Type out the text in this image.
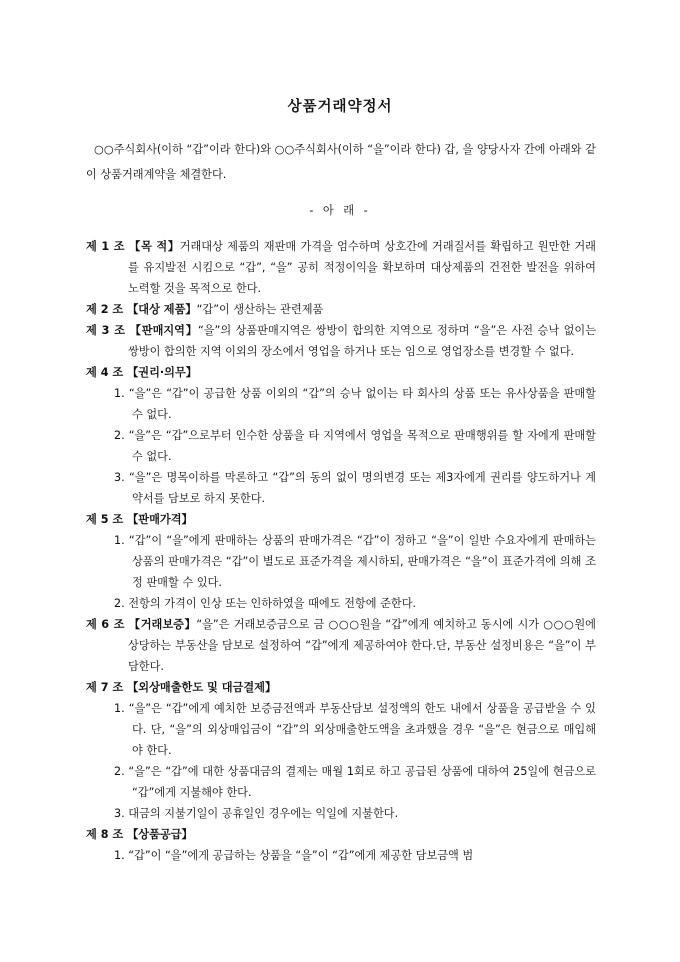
상품거래약정서
○○주식회사(이하 “갑”이라 한다)와 ○○주식회사(이하 “을”이라 한다) 갑, 을 양당사자 간에 아래와 같이 상품거래계약을 체결한다.
- 아 래 -
제 1 조 【목 적】거래대상 제품의 재판매 가격을 엄수하며 상호간에 거래질서를 확립하고 원만한 거래를 유지발전 시킴으로 “갑”, “을” 공히 적정이익을 확보하며 대상제품의 건전한 발전을 위하여 노력할 것을 목적으로 한다.
제 2 조 【대상 제품】“갑”이 생산하는 관련제품
제 3 조 【판매지역】“을”의 상품판매지역은 쌍방이 합의한 지역으로 정하며 “을”은 사전 승낙 없이는 쌍방이 합의한 지역 이외의 장소에서 영업을 하거나 또는 임으로 영업장소를 변경할 수 없다.
제 4 조 【권리·의무】
1. “을”은 “갑”이 공급한 상품 이외의 “갑”의 승낙 없이는 타 회사의 상품 또는 유사상품을 판매할 수 없다.
2. “을”은 “갑”으로부터 인수한 상품을 타 지역에서 영업을 목적으로 판매행위를 할 자에게 판매할 수 없다.
3. “을”은 명목이하를 막론하고 “갑”의 동의 없이 명의변경 또는 제3자에게 권리를 양도하거나 계약서를 담보로 하지 못한다.
제 5 조 【판매가격】
1. “갑”이 “을”에게 판매하는 상품의 판매가격은 “갑”이 정하고 “을”이 일반 수요자에게 판매하는 상품의 판매가격은 “갑”이 별도로 표준가격을 제시하되, 판매가격은 “을”이 표준가격에 의해 조정 판매할 수 있다.
2. 전항의 가격이 인상 또는 인하하였을 때에도 전항에 준한다.
제 6 조 【거래보증】“을”은 거래보증금으로 금 ○○○원을 “갑”에게 예치하고 동시에 시가 ○○○원에 상당하는 부동산을 담보로 설정하여 “갑”에게 제공하여야 한다.단, 부동산 설정비용은 “을”이 부담한다.
제 7 조 【외상매출한도 및 대금결제】
1. “을”은 “갑”에게 예치한 보증금전액과 부동산담보 설정액의 한도 내에서 상품을 공급받을 수 있다. 단, “을”의 외상매입금이 “갑”의 외상매출한도액을 초과했을 경우 “을”은 현금으로 매입해야 한다.
2. “을”은 “갑”에 대한 상품대금의 결제는 매월 1회로 하고 공급된 상품에 대하여 25일에 현금으로 “갑”에게 지불해야 한다.
3. 대금의 지불기일이 공휴일인 경우에는 익일에 지불한다.
제 8 조 【상품공급】
1. “갑”이 “을”에게 공급하는 상품을 “을”이 “갑”에게 제공한 담보금액 범
